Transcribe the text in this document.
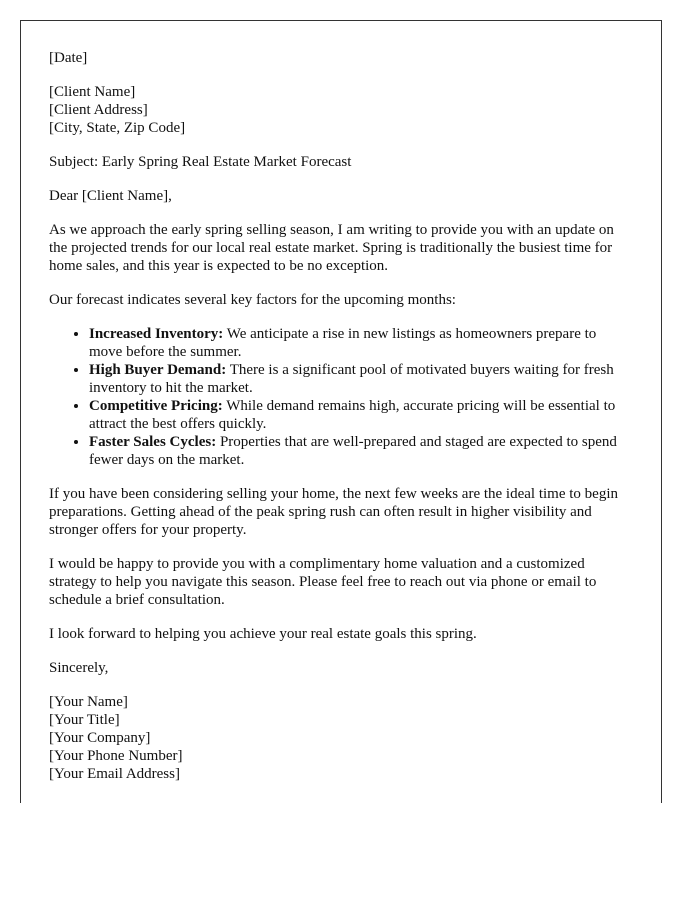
[Date]

[Client Name]
[Client Address]
[City, State, Zip Code]

Subject: Early Spring Real Estate Market Forecast

Dear [Client Name],

As we approach the early spring selling season, I am writing to provide you with an update on the projected trends for our local real estate market. Spring is traditionally the busiest time for home sales, and this year is expected to be no exception.

Our forecast indicates several key factors for the upcoming months:

• Increased Inventory: We anticipate a rise in new listings as homeowners prepare to move before the summer.
• High Buyer Demand: There is a significant pool of motivated buyers waiting for fresh inventory to hit the market.
• Competitive Pricing: While demand remains high, accurate pricing will be essential to attract the best offers quickly.
• Faster Sales Cycles: Properties that are well-prepared and staged are expected to spend fewer days on the market.

If you have been considering selling your home, the next few weeks are the ideal time to begin preparations. Getting ahead of the peak spring rush can often result in higher visibility and stronger offers for your property.

I would be happy to provide you with a complimentary home valuation and a customized strategy to help you navigate this season. Please feel free to reach out via phone or email to schedule a brief consultation.

I look forward to helping you achieve your real estate goals this spring.

Sincerely,

[Your Name]
[Your Title]
[Your Company]
[Your Phone Number]
[Your Email Address]
